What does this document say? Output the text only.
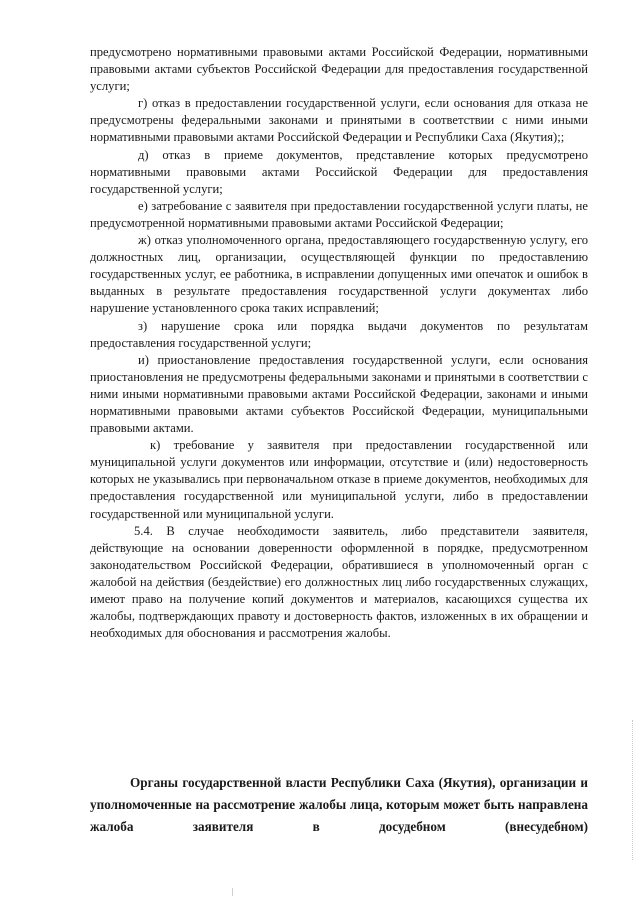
предусмотрено нормативными правовыми актами Российской Федерации, нормативными правовыми актами субъектов Российской Федерации для предоставления государственной услуги;

г) отказ в предоставлении государственной услуги, если основания для отказа не предусмотрены федеральными законами и принятыми в соответствии с ними иными нормативными правовыми актами Российской Федерации и Республики Саха (Якутия);;

д) отказ в приеме документов, представление которых предусмотрено нормативными правовыми актами Российской Федерации для предоставления государственной услуги;

е) затребование с заявителя при предоставлении государственной услуги платы, не предусмотренной нормативными правовыми актами Российской Федерации;

ж) отказ уполномоченного органа, предоставляющего государственную услугу, его должностных лиц, организации, осуществляющей функции по предоставлению государственных услуг, ее работника, в исправлении допущенных ими опечаток и ошибок в выданных в результате предоставления государственной услуги документах либо нарушение установленного срока таких исправлений;

з) нарушение срока или порядка выдачи документов по результатам предоставления государственной услуги;

и) приостановление предоставления государственной услуги, если основания приостановления не предусмотрены федеральными законами и принятыми в соответствии с ними иными нормативными правовыми актами Российской Федерации, законами и иными нормативными правовыми актами субъектов Российской Федерации, муниципальными правовыми актами.

к) требование у заявителя при предоставлении государственной или муниципальной услуги документов или информации, отсутствие и (или) недостоверность которых не указывались при первоначальном отказе в приеме документов, необходимых для предоставления государственной или муниципальной услуги, либо в предоставлении государственной или муниципальной услуги.

5.4. В случае необходимости заявитель, либо представители заявителя, действующие на основании доверенности оформленной в порядке, предусмотренном законодательством Российской Федерации, обратившиеся в уполномоченный орган с жалобой на действия (бездействие) его должностных лиц либо государственных служащих, имеют право на получение копий документов и материалов, касающихся существа их жалобы, подтверждающих правоту и достоверность фактов, изложенных в их обращении и необходимых для обоснования и рассмотрения жалобы.

Органы государственной власти Республики Саха (Якутия), организации и уполномоченные на рассмотрение жалобы лица, которым может быть направлена жалоба заявителя в досудебном (внесудебном)
